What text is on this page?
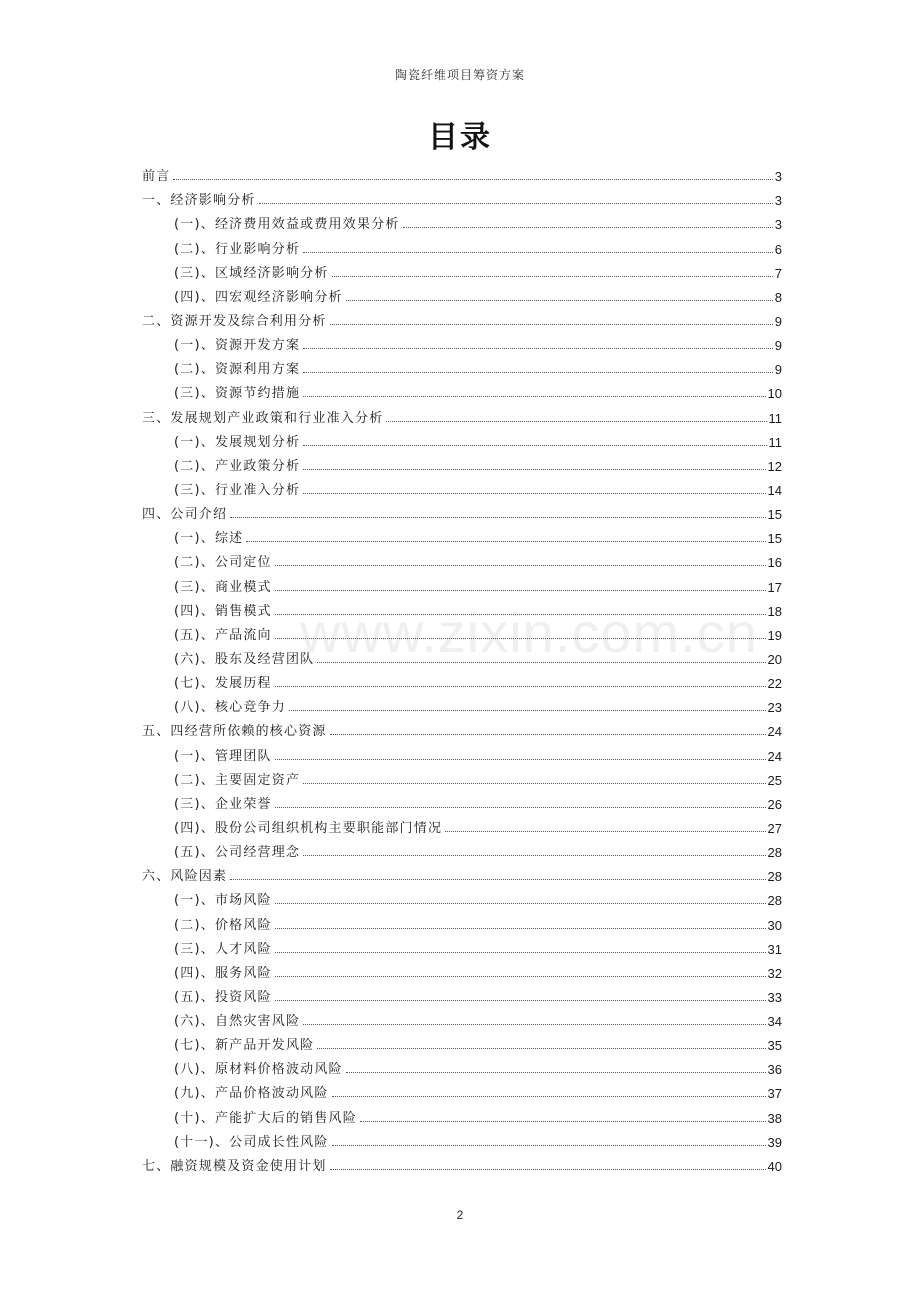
陶瓷纤维项目筹资方案
目录
www.zixin.com.cn
前言	3
一、经济影响分析	3
(一)、经济费用效益或费用效果分析	3
(二)、行业影响分析	6
(三)、区域经济影响分析	7
(四)、四宏观经济影响分析	8
二、资源开发及综合利用分析	9
(一)、资源开发方案	9
(二)、资源利用方案	9
(三)、资源节约措施	10
三、发展规划产业政策和行业准入分析	11
(一)、发展规划分析	11
(二)、产业政策分析	12
(三)、行业准入分析	14
四、公司介绍	15
(一)、综述	15
(二)、公司定位	16
(三)、商业模式	17
(四)、销售模式	18
(五)、产品流向	19
(六)、股东及经营团队	20
(七)、发展历程	22
(八)、核心竞争力	23
五、四经营所依赖的核心资源	24
(一)、管理团队	24
(二)、主要固定资产	25
(三)、企业荣誉	26
(四)、股份公司组织机构主要职能部门情况	27
(五)、公司经营理念	28
六、风险因素	28
(一)、市场风险	28
(二)、价格风险	30
(三)、人才风险	31
(四)、服务风险	32
(五)、投资风险	33
(六)、自然灾害风险	34
(七)、新产品开发风险	35
(八)、原材料价格波动风险	36
(九)、产品价格波动风险	37
(十)、产能扩大后的销售风险	38
(十一)、公司成长性风险	39
七、融资规模及资金使用计划	40
2
